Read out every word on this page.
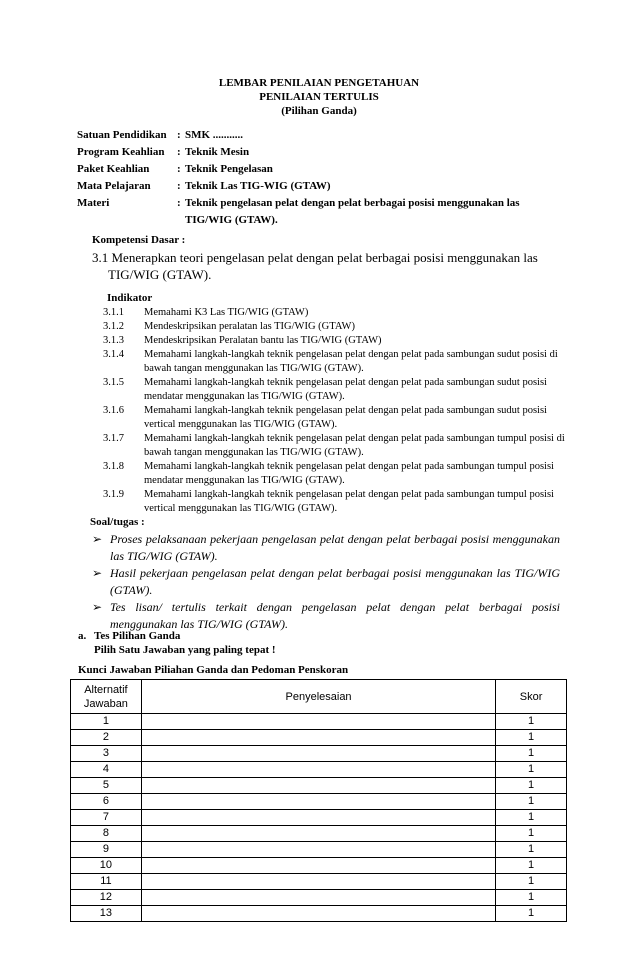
LEMBAR PENILAIAN PENGETAHUAN
PENILAIAN TERTULIS
(Pilihan Ganda)
Satuan Pendidikan : SMK ...........
Program Keahlian : Teknik Mesin
Paket Keahlian	: Teknik Pengelasan
Mata Pelajaran : Teknik Las TIG-WIG (GTAW)
Materi	: Teknik pengelasan pelat dengan pelat berbagai posisi menggunakan las TIG/WIG (GTAW).
Kompetensi Dasar :
3.1 Menerapkan teori pengelasan pelat dengan pelat berbagai posisi menggunakan las
TIG/WIG (GTAW).
Indikator
3.1.1 Memahami K3 Las TIG/WIG (GTAW)
3.1.2 Mendeskripsikan peralatan las TIG/WIG (GTAW)
3.1.3 Mendeskripsikan Peralatan bantu las TIG/WIG (GTAW)
3.1.4 Memahami langkah-langkah teknik pengelasan pelat dengan pelat pada sambungan sudut posisi di bawah tangan menggunakan las TIG/WIG (GTAW).
3.1.5 Memahami langkah-langkah teknik pengelasan pelat dengan pelat pada sambungan sudut posisi mendatar menggunakan las TIG/WIG (GTAW).
3.1.6 Memahami langkah-langkah teknik pengelasan pelat dengan pelat pada sambungan sudut posisi vertical menggunakan las TIG/WIG (GTAW).
3.1.7 Memahami langkah-langkah teknik pengelasan pelat dengan pelat pada sambungan tumpul posisi di bawah tangan menggunakan las TIG/WIG (GTAW).
3.1.8 Memahami langkah-langkah teknik pengelasan pelat dengan pelat pada sambungan tumpul posisi mendatar menggunakan las TIG/WIG (GTAW).
3.1.9 Memahami langkah-langkah teknik pengelasan pelat dengan pelat pada sambungan tumpul posisi vertical menggunakan las TIG/WIG (GTAW).
Soal/tugas :
➢ Proses pelaksanaan pekerjaan pengelasan pelat dengan pelat berbagai posisi menggunakan las TIG/WIG (GTAW).
➢ Hasil pekerjaan pengelasan pelat dengan pelat berbagai posisi menggunakan las TIG/WIG (GTAW).
➢ Tes lisan/ tertulis terkait dengan pengelasan pelat dengan pelat berbagai posisi menggunakan las TIG/WIG (GTAW).
a. Tes Pilihan Ganda
Pilih Satu Jawaban yang paling tepat !
Kunci Jawaban Piliahan Ganda dan Pedoman Penskoran
Alternatif
Jawaban	Penyelesaian	Skor
1		1
2		1
3		1
4		1
5		1
6		1
7		1
8		1
9		1
10		1
11		1
12		1
13		1
